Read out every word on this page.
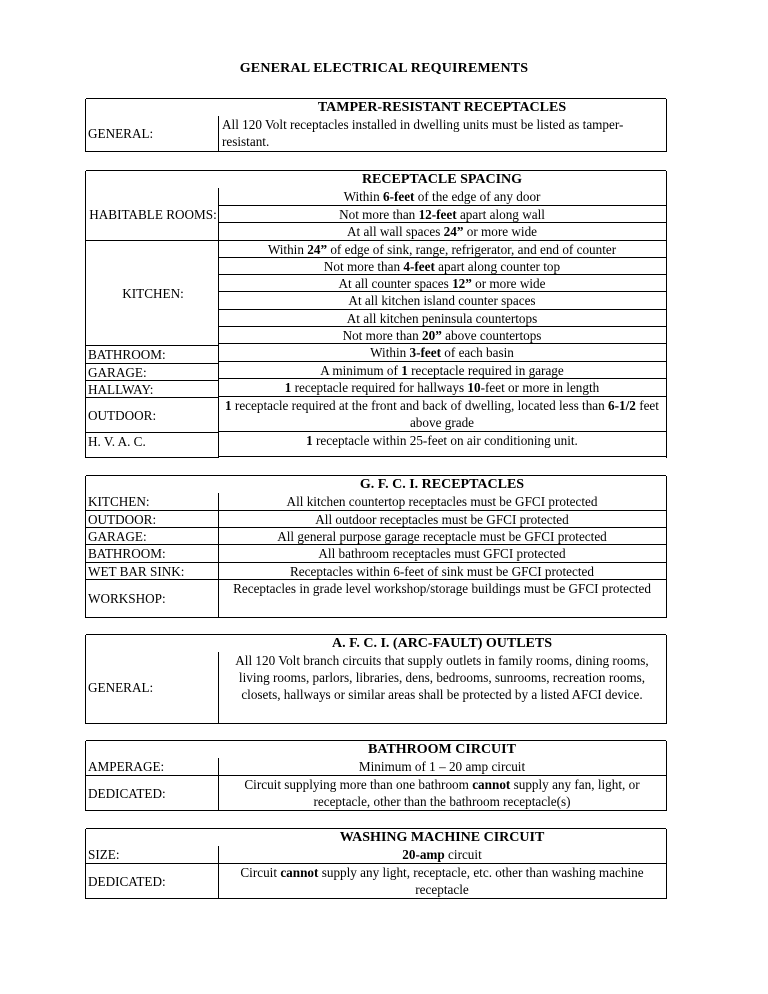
GENERAL ELECTRICAL REQUIREMENTS
TAMPER-RESISTANT RECEPTACLES
GENERAL:
All 120 Volt receptacles installed in dwelling units must be listed as tamper-resistant.
RECEPTACLE SPACING
HABITABLE ROOMS:
KITCHEN:
BATHROOM:
GARAGE:
HALLWAY:
OUTDOOR:
H. V. A. C.
Within 6-feet of the edge of any door
Not more than 12-feet apart along wall
At all wall spaces 24” or more wide
Within 24” of edge of sink, range, refrigerator, and end of counter
Not more than 4-feet apart along counter top
At all counter spaces 12” or more wide
At all kitchen island counter spaces
At all kitchen peninsula countertops
Not more than 20” above countertops
Within 3-feet of each basin
A minimum of 1 receptacle required in garage
1 receptacle required for hallways 10-feet or more in length
1 receptacle required at the front and back of dwelling, located less than 6-1/2 feet above grade
1 receptacle within 25-feet on air conditioning unit.
G. F. C. I. RECEPTACLES
KITCHEN:
OUTDOOR:
GARAGE:
BATHROOM:
WET BAR SINK:
WORKSHOP:
All kitchen countertop receptacles must be GFCI protected
All outdoor receptacles must be GFCI protected
All general purpose garage receptacle must be GFCI protected
All bathroom receptacles must GFCI protected
Receptacles within 6-feet of sink must be GFCI protected
Receptacles in grade level workshop/storage buildings must be GFCI protected
A. F. C. I. (ARC-FAULT) OUTLETS
GENERAL:
All 120 Volt branch circuits that supply outlets in family rooms, dining rooms, living rooms, parlors, libraries, dens, bedrooms, sunrooms, recreation rooms, closets, hallways or similar areas shall be protected by a listed AFCI device.
BATHROOM CIRCUIT
AMPERAGE:
DEDICATED:
Minimum of 1 – 20 amp circuit
Circuit supplying more than one bathroom cannot supply any fan, light, or receptacle, other than the bathroom receptacle(s)
WASHING MACHINE CIRCUIT
SIZE:
DEDICATED:
20-amp circuit
Circuit cannot supply any light, receptacle, etc. other than washing machine receptacle
